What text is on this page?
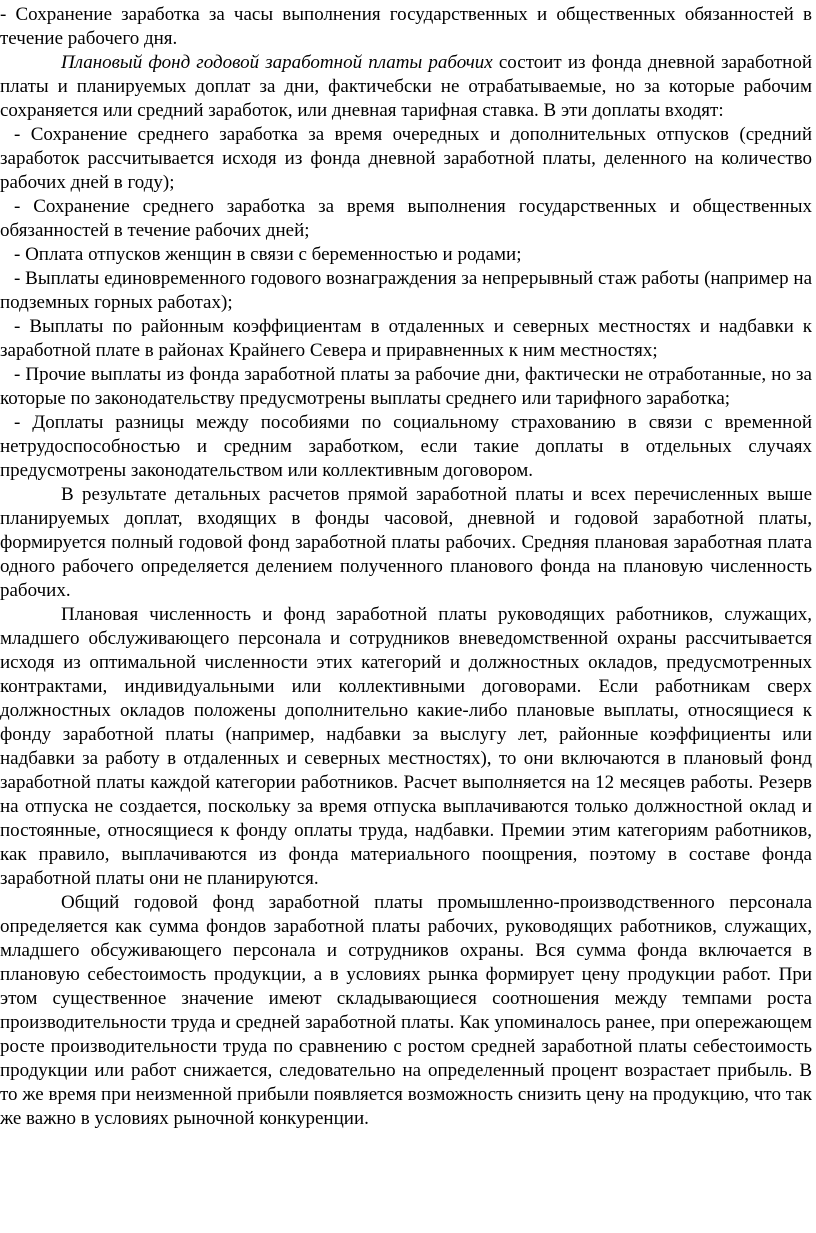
- Сохранение заработка за часы выполнения государственных и общественных обязанностей в течение рабочего дня.

Плановый фонд годовой заработной платы рабочих состоит из фонда дневной заработной платы и планируемых доплат за дни, фактичебски не отрабатываемые, но за которые рабочим сохраняется или средний заработок, или дневная тарифная ставка. В эти доплаты входят:

- Сохранение среднего заработка за время очередных и дополнительных отпусков (средний заработок рассчитывается исходя из фонда дневной заработной платы, деленного на количество рабочих дней в году);

- Сохранение среднего заработка за время выполнения государственных и общественных обязанностей в течение рабочих дней;

- Оплата отпусков женщин в связи с беременностью и родами;

- Выплаты единовременного годового вознаграждения за непрерывный стаж работы (например на подземных горных работах);

- Выплаты по районным коэффициентам в отдаленных и северных местностях и надбавки к заработной плате в районах Крайнего Севера и приравненных к ним местностях;

- Прочие выплаты из фонда заработной платы за рабочие дни, фактически не отработанные, но за которые по законодательству предусмотрены выплаты среднего или тарифного заработка;

- Доплаты разницы между пособиями по социальному страхованию в связи с временной нетрудоспособностью и средним заработком, если такие доплаты в отдельных случаях предусмотрены законодательством или коллективным договором.

В результате детальных расчетов прямой заработной платы и всех перечисленных выше планируемых доплат, входящих в фонды часовой, дневной и годовой заработной платы, формируется полный годовой фонд заработной платы рабочих. Средняя плановая заработная плата одного рабочего определяется делением полученного планового фонда на плановую численность рабочих.

Плановая численность и фонд заработной платы руководящих работников, служащих, младшего обслуживающего персонала и сотрудников вневедомственной охраны рассчитывается исходя из оптимальной численности этих категорий и должностных окладов, предусмотренных контрактами, индивидуальными или коллективными договорами. Если работникам сверх должностных окладов положены дополнительно какие-либо плановые выплаты, относящиеся к фонду заработной платы (например, надбавки за выслугу лет, районные коэффициенты или надбавки за работу в отдаленных и северных местностях), то они включаются в плановый фонд заработной платы каждой категории работников. Расчет выполняется на 12 месяцев работы. Резерв на отпуска не создается, поскольку за время отпуска выплачиваются только должностной оклад и постоянные, относящиеся к фонду оплаты труда, надбавки. Премии этим категориям работников, как правило, выплачиваются из фонда материального поощрения, поэтому в составе фонда заработной платы они не планируются.

Общий годовой фонд заработной платы промышленно-производственного персонала определяется как сумма фондов заработной платы рабочих, руководящих работников, служащих, младшего обсуживающего персонала и сотрудников охраны. Вся сумма фонда включается в плановую себестоимость продукции, а в условиях рынка формирует цену продукции работ. При этом существенное значение имеют складывающиеся соотношения между темпами роста производительности труда и средней заработной платы. Как упоминалось ранее, при опережающем росте производительности труда по сравнению с ростом средней заработной платы себестоимость продукции или работ снижается, следовательно на определенный процент возрастает прибыль. В то же время при неизменной прибыли появляется возможность снизить цену на продукцию, что так же важно в условиях рыночной конкуренции.
